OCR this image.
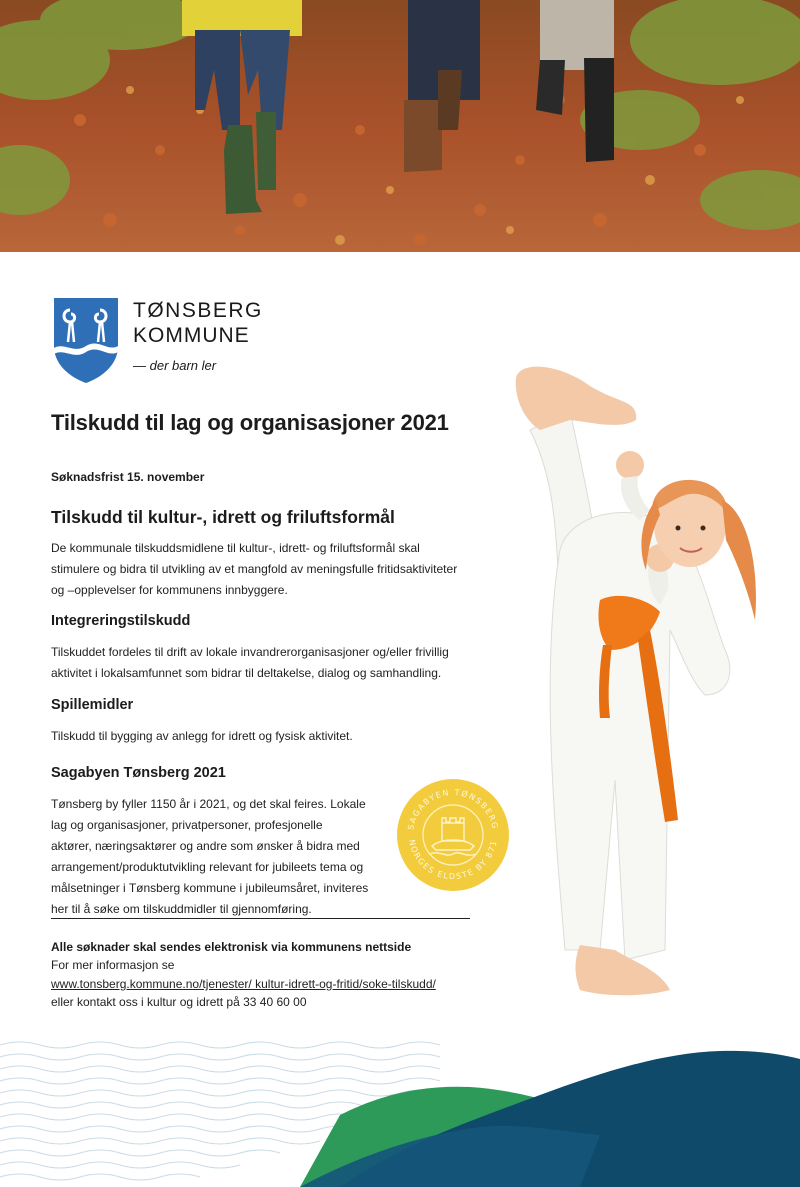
TØNSBERG
KOMMUNE
— der barn ler
Tilskudd til lag og organisasjoner 2021
Søknadsfrist 15. november
Tilskudd til kultur-, idrett og friluftsformål
De kommunale tilskuddsmidlene til kultur-, idrett- og friluftsformål skal
stimulere og bidra til utvikling av et mangfold av meningsfulle fritidsaktiviteter
og –opplevelser for kommunens innbyggere.
Integreringstilskudd
Tilskuddet fordeles til drift av lokale invandrerorganisasjoner og/eller frivillig
aktivitet i lokalsamfunnet som bidrar til deltakelse, dialog og samhandling.
Spillemidler
Tilskudd til bygging av anlegg for idrett og fysisk aktivitet.
Sagabyen Tønsberg 2021
Tønsberg by fyller 1150 år i 2021, og det skal feires. Lokale
lag og organisasjoner, privatpersoner, profesjonelle
aktører, næringsaktører og andre som ønsker å bidra med
arrangement/produktutvikling relevant for jubileets tema og
målsetninger i Tønsberg kommune i jubileumsåret, inviteres
her til å søke om tilskuddmidler til gjennomføring.
SAGABYEN TØNSBERG
NORGES ELDSTE BY 871
Alle søknader skal sendes elektronisk via kommunens nettside
For mer informasjon se
www.tonsberg.kommune.no/tjenester/ kultur-idrett-og-fritid/soke-tilskudd/
eller kontakt oss i kultur og idrett på 33 40 60 00
